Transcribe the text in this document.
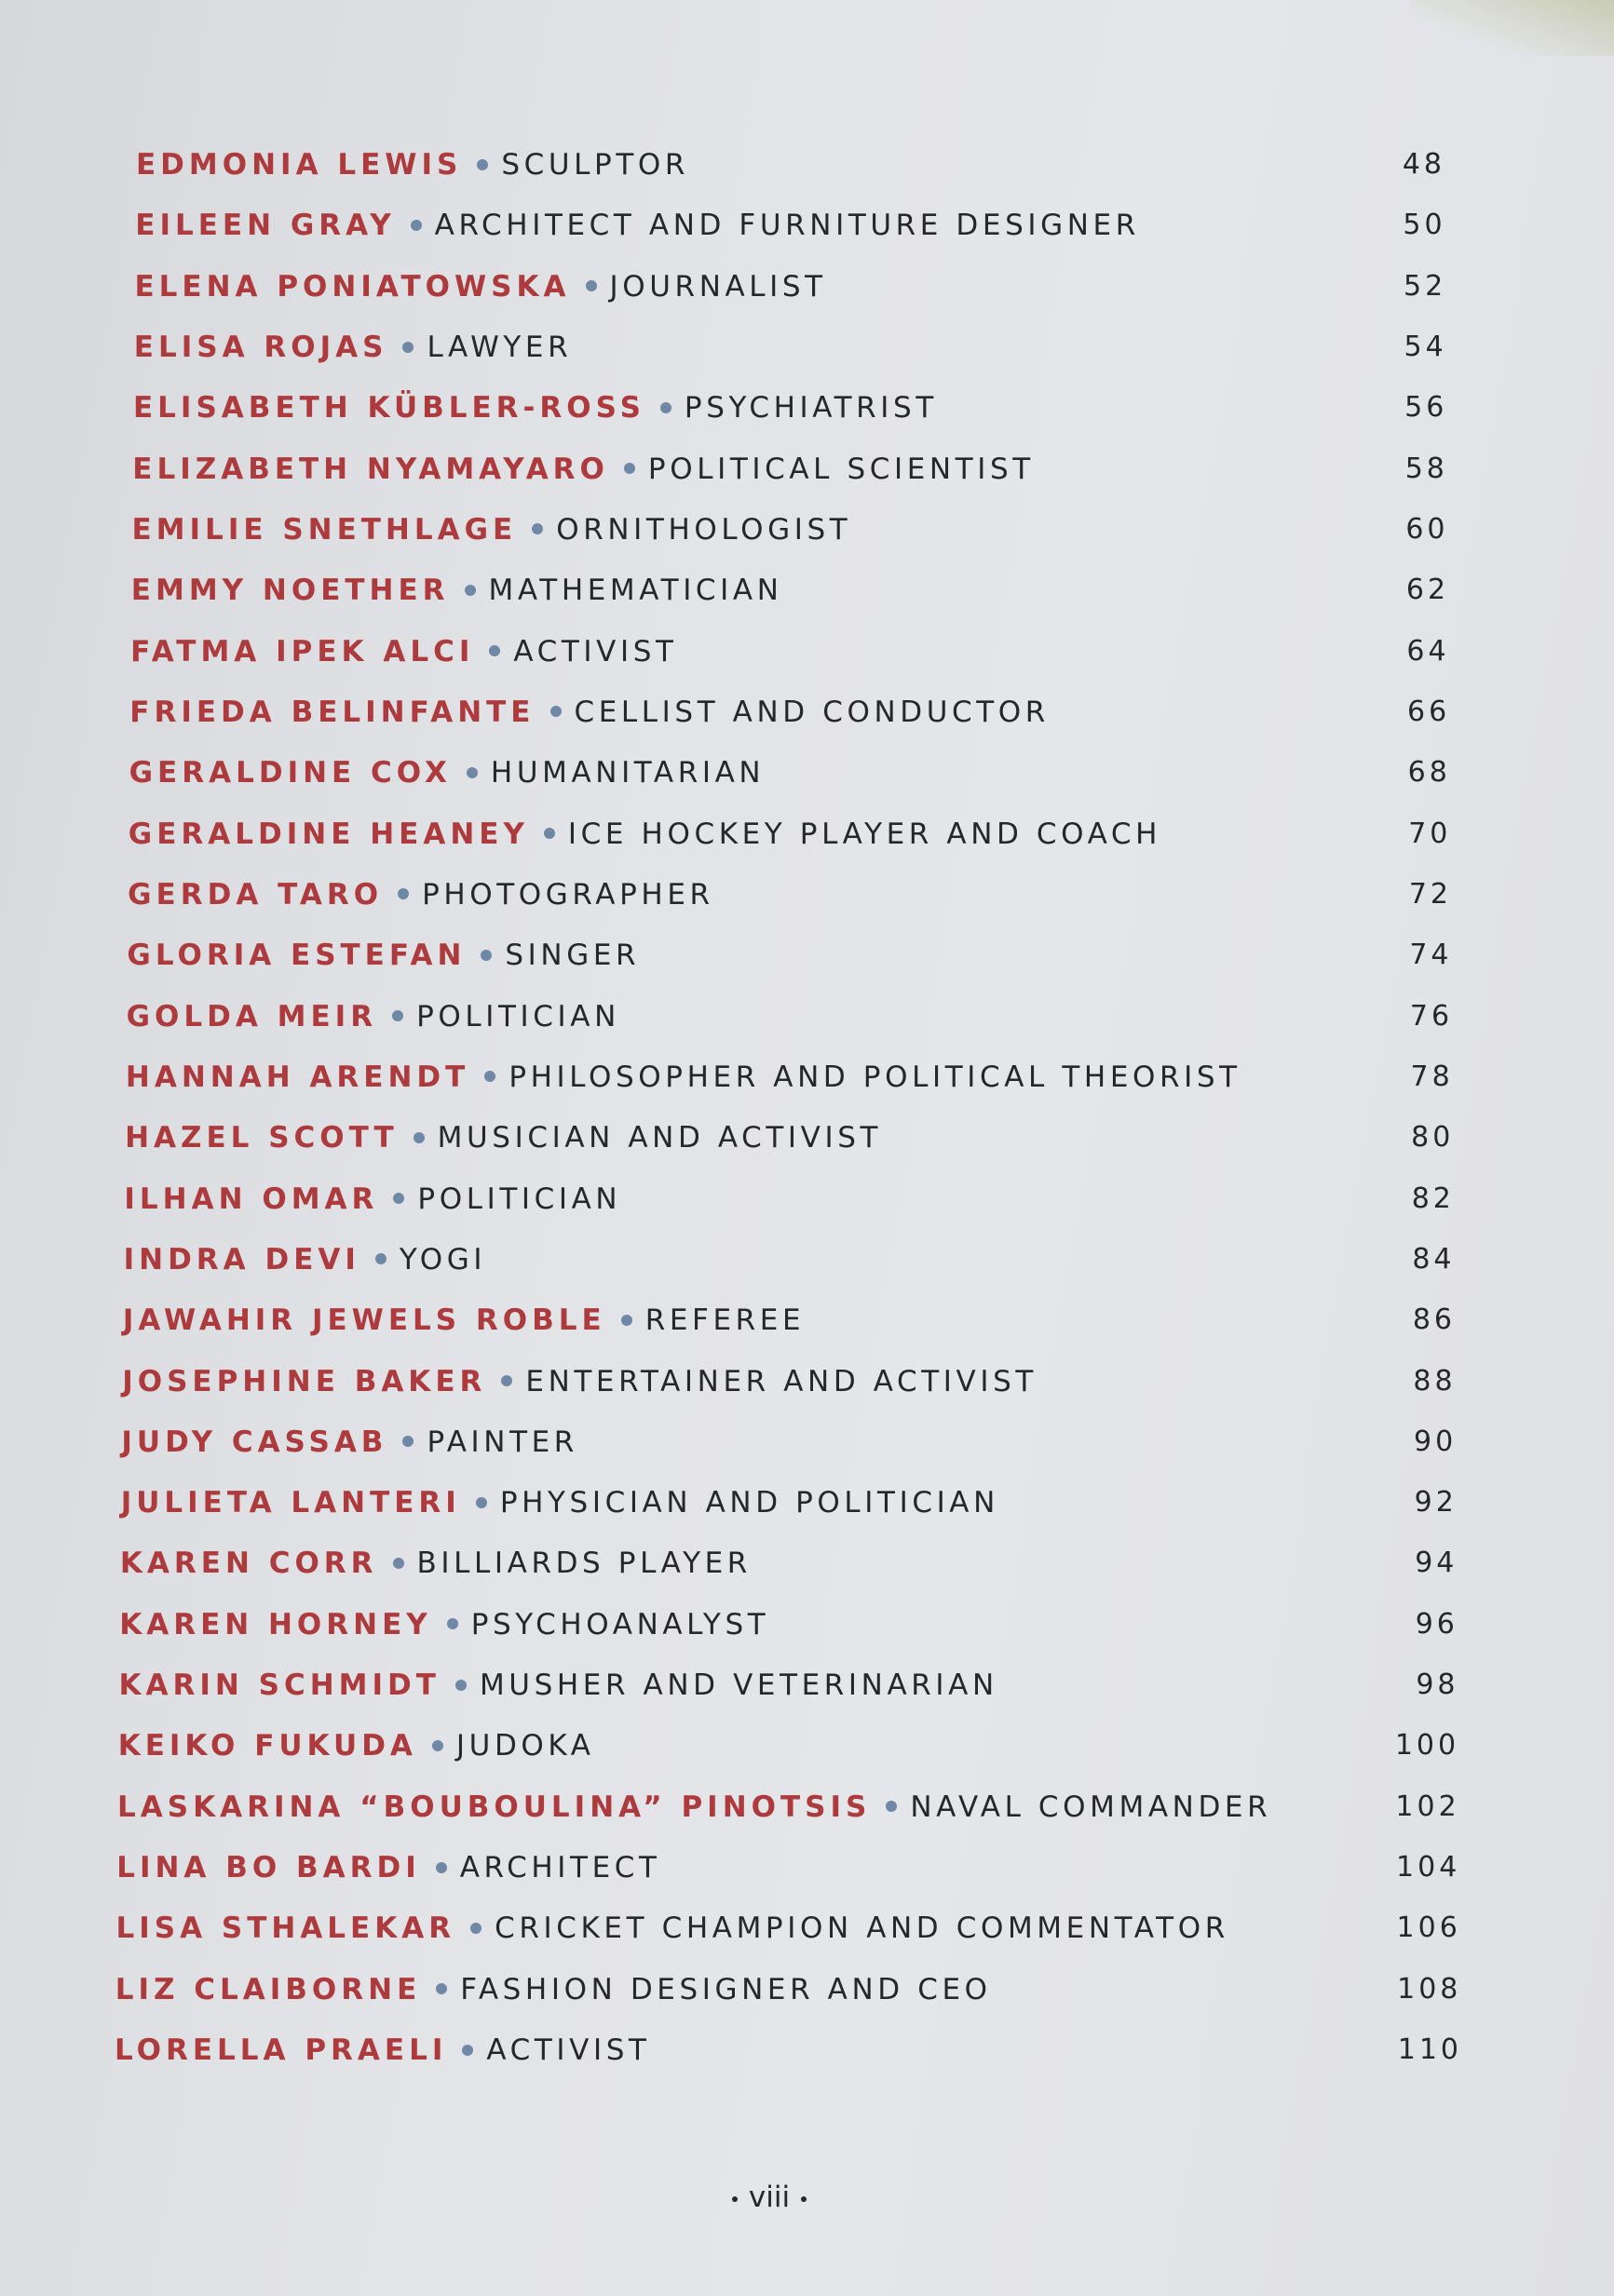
EDMONIA LEWIS SCULPTOR	48
EILEEN GRAY ARCHITECT AND FURNITURE DESIGNER	50
ELENA PONIATOWSKA JOURNALIST	52
ELISA ROJAS LAWYER	54
ELISABETH KÜBLER-ROSS PSYCHIATRIST	56
ELIZABETH NYAMAYARO POLITICAL SCIENTIST	58
EMILIE SNETHLAGE ORNITHOLOGIST	60
EMMY NOETHER MATHEMATICIAN	62
FATMA IPEK ALCI ACTIVIST	64
FRIEDA BELINFANTE CELLIST AND CONDUCTOR	66
GERALDINE COX HUMANITARIAN	68
GERALDINE HEANEY ICE HOCKEY PLAYER AND COACH	70
GERDA TARO PHOTOGRAPHER	72
GLORIA ESTEFAN SINGER	74
GOLDA MEIR POLITICIAN	76
HANNAH ARENDT PHILOSOPHER AND POLITICAL THEORIST	78
HAZEL SCOTT MUSICIAN AND ACTIVIST	80
ILHAN OMAR POLITICIAN	82
INDRA DEVI YOGI	84
JAWAHIR JEWELS ROBLE REFEREE	86
JOSEPHINE BAKER ENTERTAINER AND ACTIVIST	88
JUDY CASSAB PAINTER	90
JULIETA LANTERI PHYSICIAN AND POLITICIAN	92
KAREN CORR BILLIARDS PLAYER	94
KAREN HORNEY PSYCHOANALYST	96
KARIN SCHMIDT MUSHER AND VETERINARIAN	98
KEIKO FUKUDA JUDOKA	100
LASKARINA “BOUBOULINA” PINOTSIS NAVAL COMMANDER	102
LINA BO BARDI ARCHITECT	104
LISA STHALEKAR CRICKET CHAMPION AND COMMENTATOR	106
LIZ CLAIBORNE FASHION DESIGNER AND CEO	108
LORELLA PRAELI ACTIVIST	110
viii
